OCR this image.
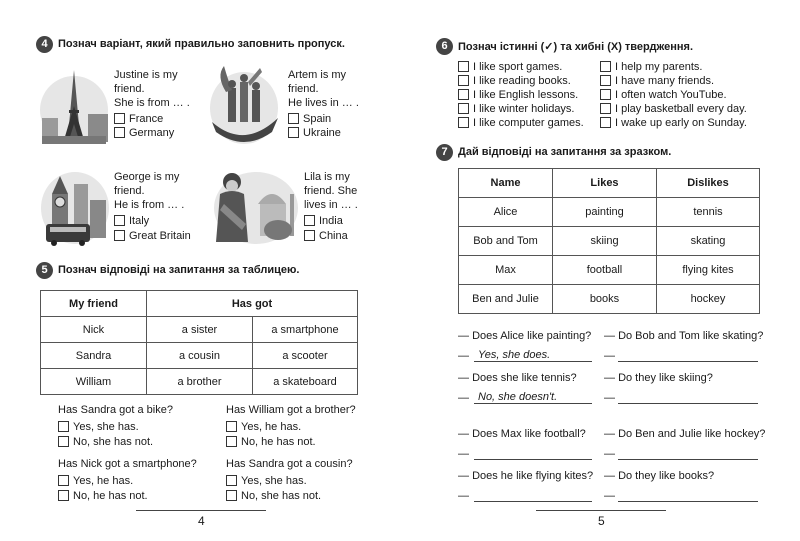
4 Познач варіант, який правильно заповнить пропуск.
Justine is my
friend.
She is from … .
France
Germany
Artem is my
friend.
He lives in … .
Spain
Ukraine
George is my
friend.
He is from … .
Italy
Great Britain
Lila is my
friend. She
lives in … .
India
China
5 Познач відповіді на запитання за таблицею.
My friend	Has got	
Nick	a sister	a smartphone
Sandra	a cousin	a scooter
William	a brother	a skateboard
Has Sandra got a bike?
Yes, she has.
No, she has not.
Has William got a brother?
Yes, he has.
No, he has not.
Has Nick got a smartphone?
Yes, he has.
No, he has not.
Has Sandra got a cousin?
Yes, she has.
No, she has not.
4
6 Познач істинні (✓) та хибні (X) твердження.
I like sport games.
I like reading books.
I like English lessons.
I like winter holidays.
I like computer games.
I help my parents.
I have many friends.
I often watch YouTube.
I play basketball every day.
I wake up early on Sunday.
7 Дай відповіді на запитання за зразком.
Name	Likes	Dislikes
Alice	painting	tennis
Bob and Tom	skiing	skating
Max	football	flying kites
Ben and Julie	books	hockey
— Does Alice like painting?
— Yes, she does.
— Do Bob and Tom like skating?
—
— Does she like tennis?
— No, she doesn't.
— Do they like skiing?
—
— Does Max like football?
—
— Do Ben and Julie like hockey?
—
— Does he like flying kites?
—
— Do they like books?
—
5
